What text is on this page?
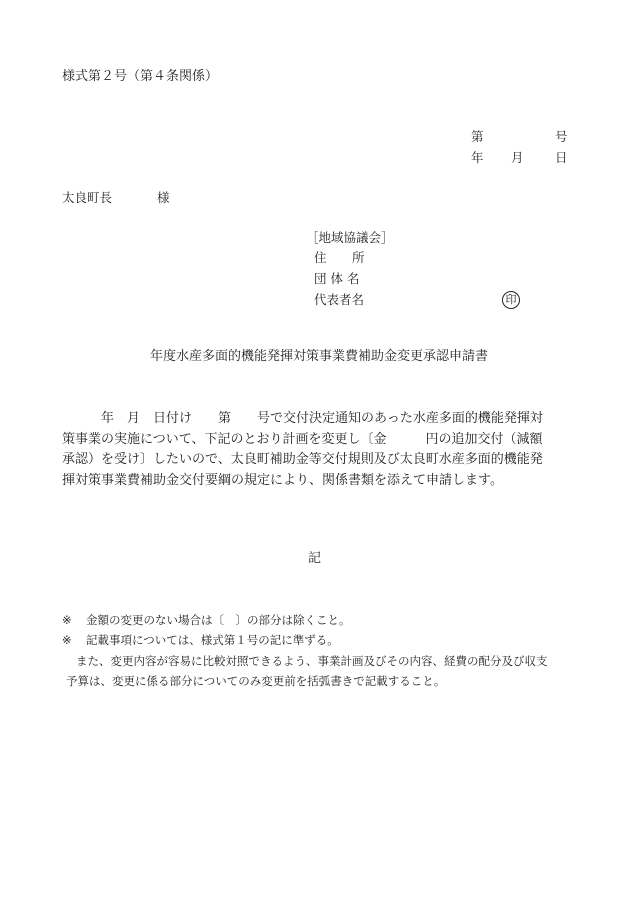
様式第２号（第４条関係）
第	号
年 月	日
太良町長	様
［地域協議会］
住 所
団 体 名
代表者名	印
年度水産多面的機能発揮対策事業費補助金変更承認申請書
　　　年　月　日付け　　第　　号で交付決定通知のあった水産多面的機能発揮対
策事業の実施について、下記のとおり計画を変更し〔金　　　円の追加交付（減額
承認）を受け〕したいので、太良町補助金等交付規則及び太良町水産多面的機能発
揮対策事業費補助金交付要綱の規定により、関係書類を添えて申請します。
記
※ 金額の変更のない場合は〔　〕の部分は除くこと。
※ 記載事項については、様式第１号の記に準ずる。
また、変更内容が容易に比較対照できるよう、事業計画及びその内容、経費の配分及び収支
予算は、変更に係る部分についてのみ変更前を括弧書きで記載すること。
